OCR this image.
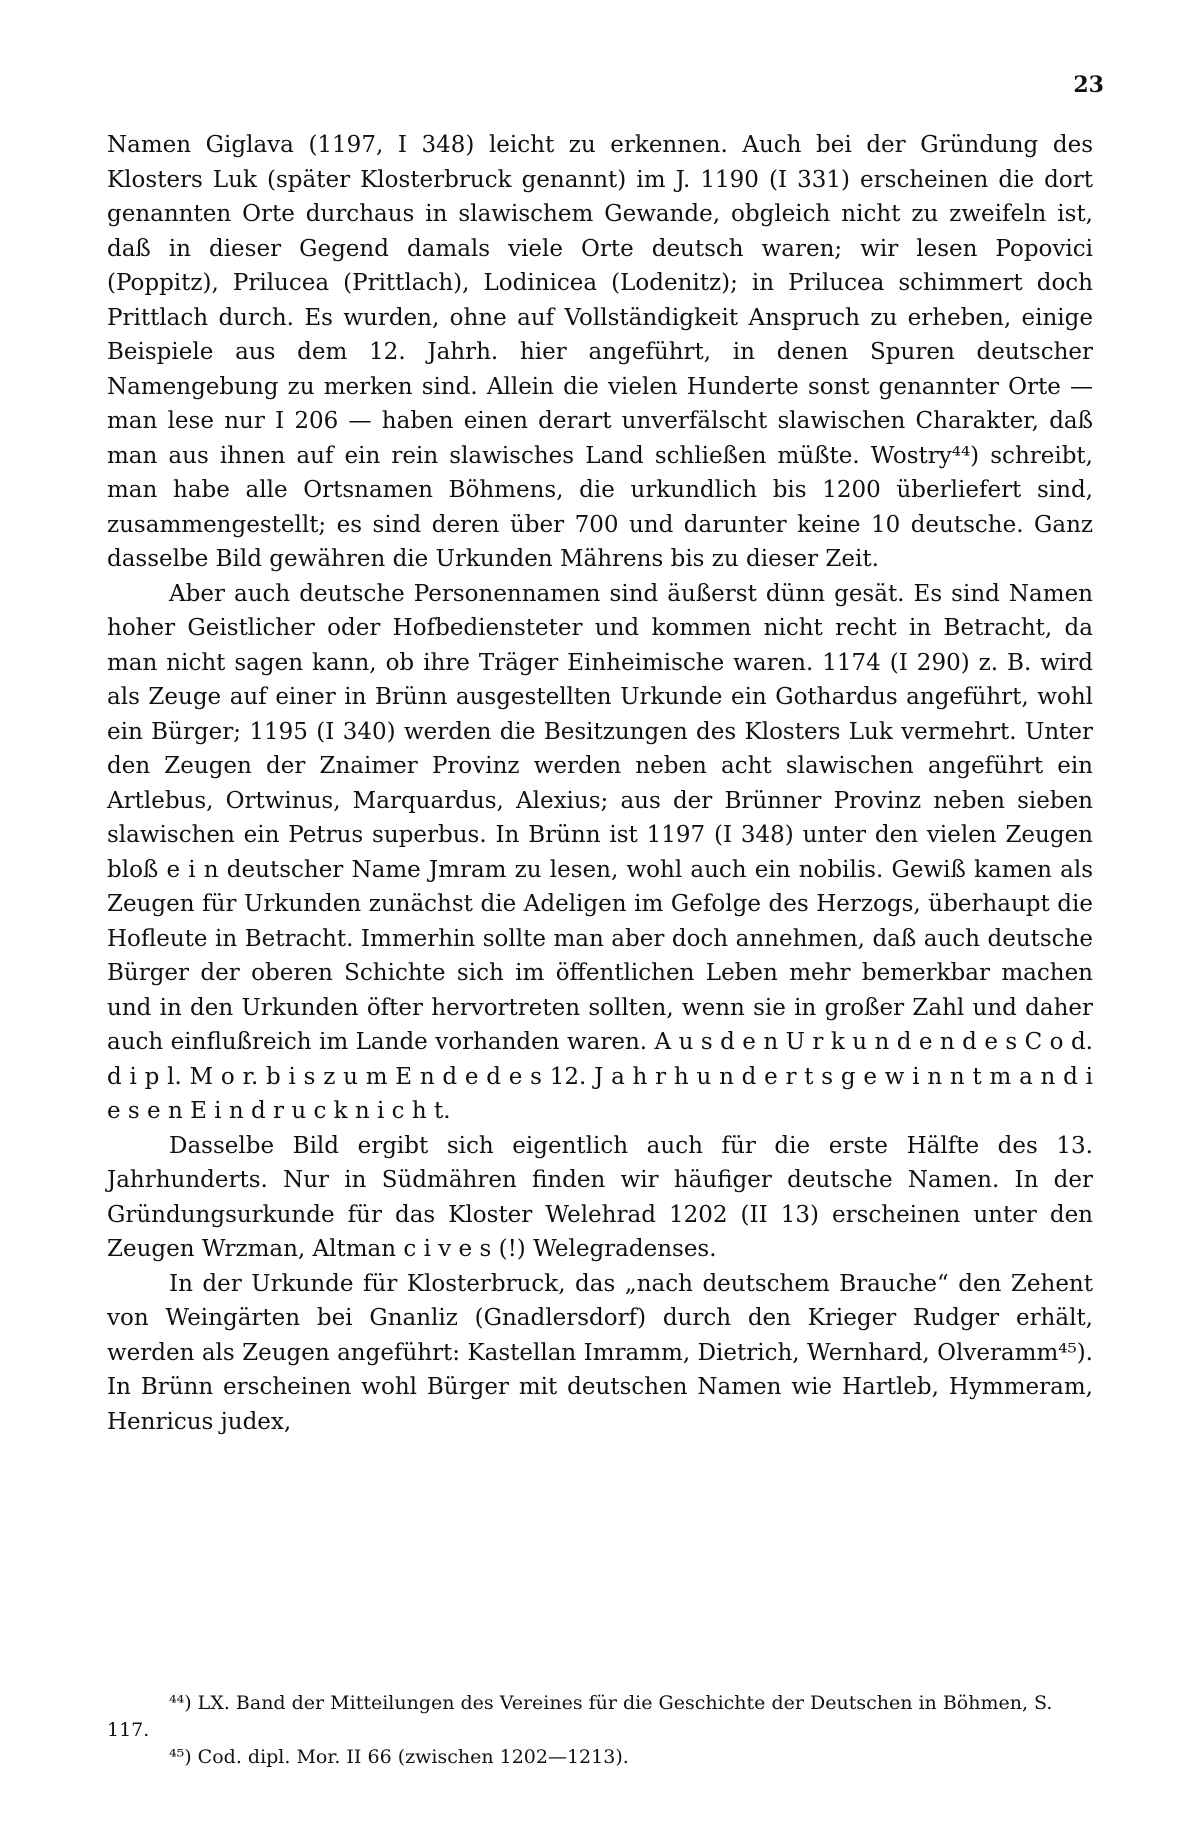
23

Namen Giglava (1197, I 348) leicht zu erkennen. Auch bei der Gründung des Klosters Luk (später Klosterbruck genannt) im J. 1190 (I 331) erscheinen die dort genannten Orte durchaus in slawischem Gewande, obgleich nicht zu zweifeln ist, daß in dieser Gegend damals viele Orte deutsch waren; wir lesen Popovici (Poppitz), Prilucea (Prittlach), Lodinicea (Lodenitz); in Prilucea schimmert doch Prittlach durch. Es wurden, ohne auf Vollständigkeit Anspruch zu erheben, einige Beispiele aus dem 12. Jahrh. hier angeführt, in denen Spuren deutscher Namengebung zu merken sind. Allein die vielen Hunderte sonst genannter Orte — man lese nur I 206 — haben einen derart unverfälscht slawischen Charakter, daß man aus ihnen auf ein rein slawisches Land schließen müßte. Wostry⁴⁴) schreibt, man habe alle Ortsnamen Böhmens, die urkundlich bis 1200 überliefert sind, zusammengestellt; es sind deren über 700 und darunter keine 10 deutsche. Ganz dasselbe Bild gewähren die Urkunden Mährens bis zu dieser Zeit.

Aber auch deutsche Personennamen sind äußerst dünn gesät. Es sind Namen hoher Geistlicher oder Hofbediensteter und kommen nicht recht in Betracht, da man nicht sagen kann, ob ihre Träger Einheimische waren. 1174 (I 290) z. B. wird als Zeuge auf einer in Brünn ausgestellten Urkunde ein Gothardus angeführt, wohl ein Bürger; 1195 (I 340) werden die Besitzungen des Klosters Luk vermehrt. Unter den Zeugen der Znaimer Provinz werden neben acht slawischen angeführt ein Artlebus, Ortwinus, Marquardus, Alexius; aus der Brünner Provinz neben sieben slawischen ein Petrus superbus. In Brünn ist 1197 (I 348) unter den vielen Zeugen bloß e i n deutscher Name Jmram zu lesen, wohl auch ein nobilis. Gewiß kamen als Zeugen für Urkunden zunächst die Adeligen im Gefolge des Herzogs, überhaupt die Hofleute in Betracht. Immerhin sollte man aber doch annehmen, daß auch deutsche Bürger der oberen Schichte sich im öffentlichen Leben mehr bemerkbar machen und in den Urkunden öfter hervortreten sollten, wenn sie in großer Zahl und daher auch einflußreich im Lande vorhanden waren. A u s d e n U r k u n d e n d e s C o d. d i p l. M o r. b i s z u m E n d e d e s 12. J a h r h u n d e r t s g e w i n n t m a n d i e s e n E i n d r u c k n i c h t.

Dasselbe Bild ergibt sich eigentlich auch für die erste Hälfte des 13. Jahrhunderts. Nur in Südmähren finden wir häufiger deutsche Namen. In der Gründungsurkunde für das Kloster Welehrad 1202 (II 13) erscheinen unter den Zeugen Wrzman, Altman c i v e s (!) Welegradenses.

In der Urkunde für Klosterbruck, das „nach deutschem Brauche“ den Zehent von Weingärten bei Gnanliz (Gnadlersdorf) durch den Krieger Rudger erhält, werden als Zeugen angeführt: Kastellan Imramm, Dietrich, Wernhard, Olveramm⁴⁵). In Brünn erscheinen wohl Bürger mit deutschen Namen wie Hartleb, Hymmeram, Henricus judex,

⁴⁴) LX. Band der Mitteilungen des Vereines für die Geschichte der Deutschen in Böhmen, S. 117.

⁴⁵) Cod. dipl. Mor. II 66 (zwischen 1202—1213).
